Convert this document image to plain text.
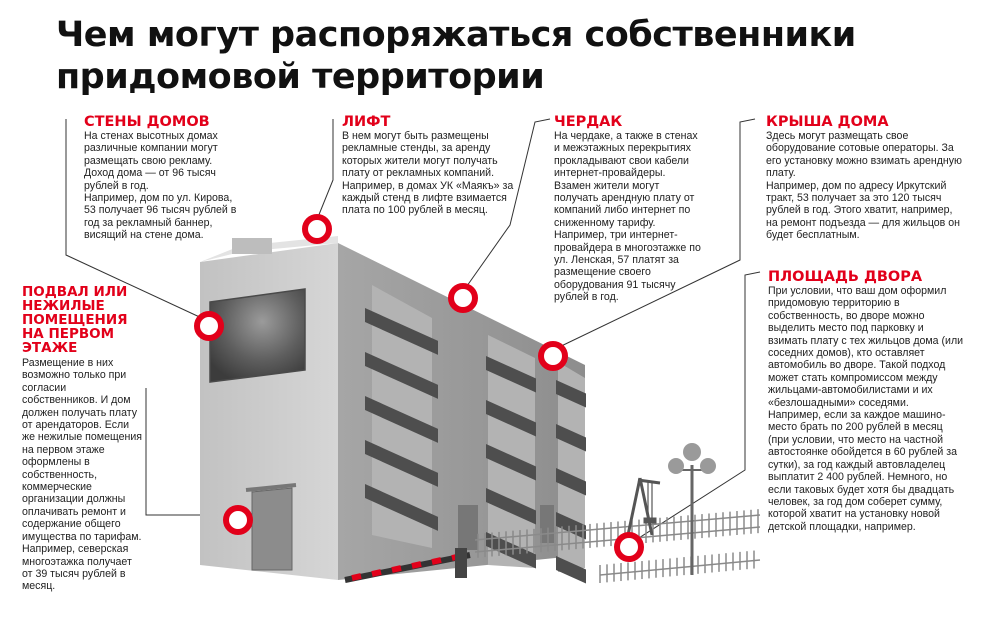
Чем могут распоряжаться собственники придомовой территории
СТЕНЫ ДОМОВ

На стенах высотных домах различные компании могут размещать свою рекламу.
Доход дома — от 96 тысяч рублей в год.
Например, дом по ул. Кирова, 53 получает 96 тысяч рублей в год за рекламный баннер, висящий на стене дома.

ЛИФТ

В нем могут быть размещены рекламные стенды, за аренду которых жители могут получать плату от рекламных компаний. Например, в домах УК «Маякъ» за каждый стенд в лифте взимается плата по 100 рублей в месяц.

ЧЕРДАК

На чердаке, а также в стенах и межэтажных перекрытиях прокладывают свои кабели интернет-провайдеры. Взамен жители могут получать арендную плату от компаний либо интернет по сниженному тарифу.
Например, три интернет-провайдера в многоэтажке по ул. Ленская, 57 платят за размещение своего оборудования 91 тысячу рублей в год.

КРЫША ДОМА

Здесь могут размещать свое оборудование сотовые операторы. За его установку можно взимать арендную плату.
Например, дом по адресу Иркутский тракт, 53 получает за это 120 тысяч рублей в год. Этого хватит, например, на ремонт подъезда — для жильцов он будет бесплатным.

ПОДВАЛ ИЛИ НЕЖИЛЫЕ ПОМЕЩЕНИЯ НА ПЕРВОМ ЭТАЖЕ

Размещение в них возможно только при согласии собственников. И дом должен получать плату от арендаторов. Если же нежилые помещения на первом этаже оформлены в собственность, коммерческие организации должны оплачивать ремонт и содержание общего имущества по тарифам. Например, северская многоэтажка получает от 39 тысяч рублей в месяц.

ПЛОЩАДЬ ДВОРА

При условии, что ваш дом оформил придомовую территорию в собственность, во дворе можно выделить место под парковку и взимать плату с тех жильцов дома (или соседних домов), кто оставляет автомобиль во дворе. Такой подход может стать компромиссом между жильцами-автомобилистами и их «безлошадными» соседями.
Например, если за каждое машино-место брать по 200 рублей в месяц (при условии, что место на частной автостоянке обойдется в 60 рублей за сутки), за год каждый автовладелец выплатит 2 400 рублей. Немного, но если таковых будет хотя бы двадцать человек, за год дом соберет сумму, которой хватит на установку новой детской площадки, например.
